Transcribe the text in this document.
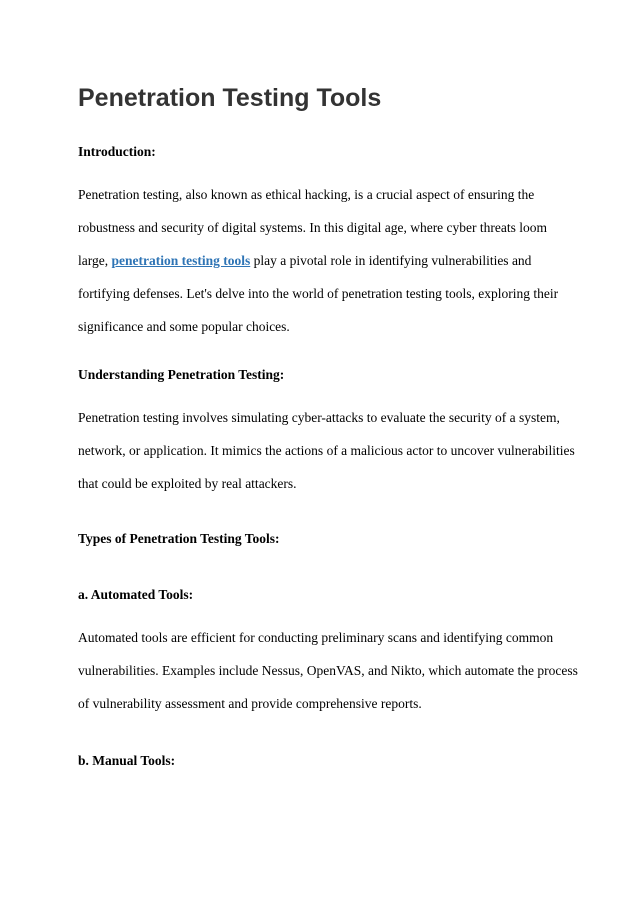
Penetration Testing Tools

Introduction:

Penetration testing, also known as ethical hacking, is a crucial aspect of ensuring the
robustness and security of digital systems. In this digital age, where cyber threats loom
large, penetration testing tools play a pivotal role in identifying vulnerabilities and
fortifying defenses. Let's delve into the world of penetration testing tools, exploring their
significance and some popular choices.

Understanding Penetration Testing:

Penetration testing involves simulating cyber-attacks to evaluate the security of a system,
network, or application. It mimics the actions of a malicious actor to uncover vulnerabilities
that could be exploited by real attackers.

Types of Penetration Testing Tools:

a. Automated Tools:

Automated tools are efficient for conducting preliminary scans and identifying common
vulnerabilities. Examples include Nessus, OpenVAS, and Nikto, which automate the process
of vulnerability assessment and provide comprehensive reports.

b. Manual Tools:
